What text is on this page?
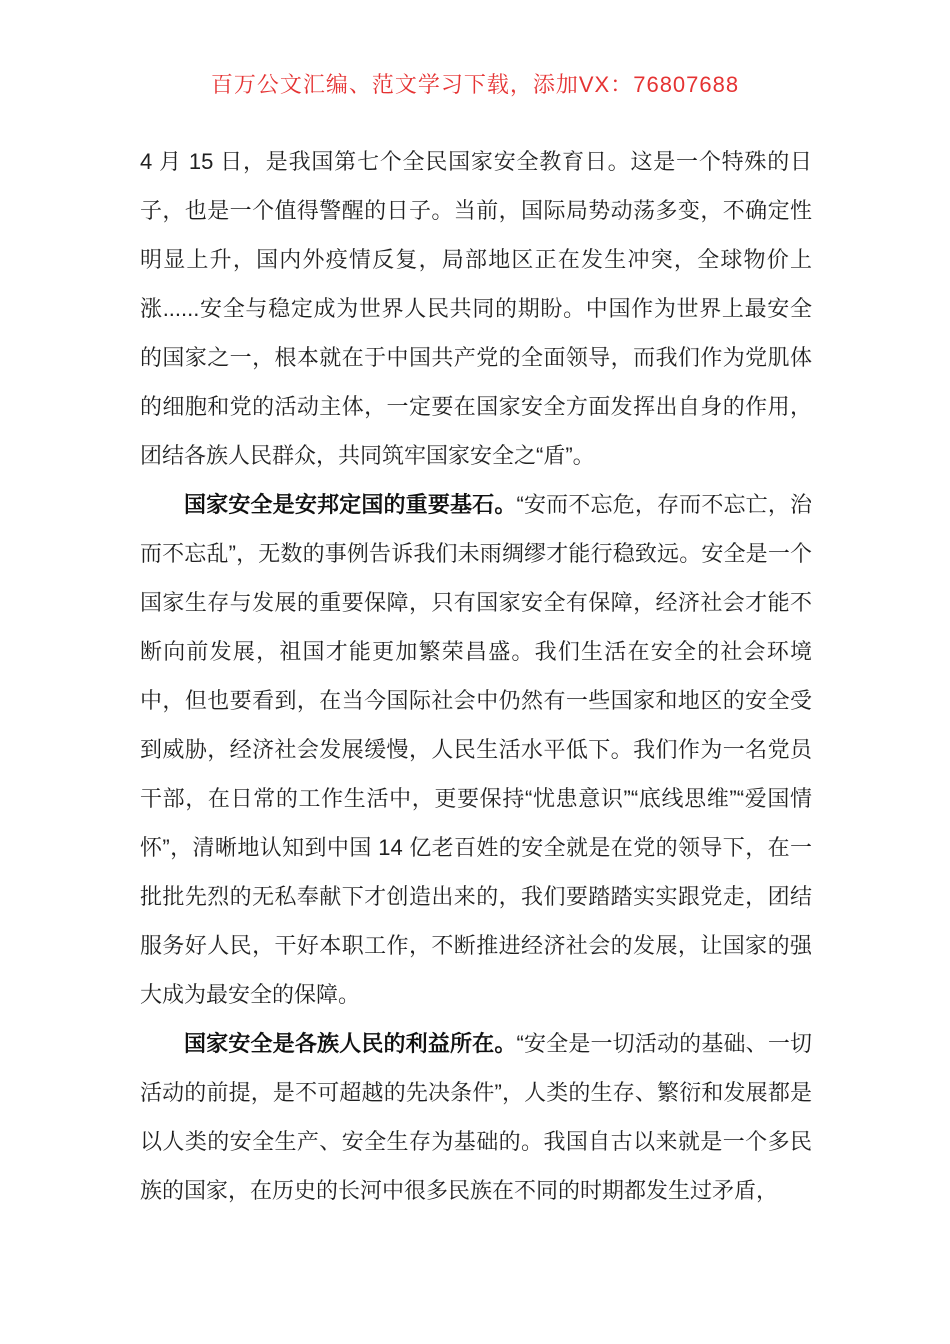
百万公文汇编、范文学习下载，添加VX：76807688

4 月 15 日，是我国第七个全民国家安全教育日。这是一个特殊的日子，也是一个值得警醒的日子。当前，国际局势动荡多变，不确定性明显上升，国内外疫情反复，局部地区正在发生冲突，全球物价上涨......安全与稳定成为世界人民共同的期盼。中国作为世界上最安全的国家之一，根本就在于中国共产党的全面领导，而我们作为党肌体的细胞和党的活动主体，一定要在国家安全方面发挥出自身的作用，团结各族人民群众，共同筑牢国家安全之“盾”。

国家安全是安邦定国的重要基石。“安而不忘危，存而不忘亡，治而不忘乱”，无数的事例告诉我们未雨绸缪才能行稳致远。安全是一个国家生存与发展的重要保障，只有国家安全有保障，经济社会才能不断向前发展，祖国才能更加繁荣昌盛。我们生活在安全的社会环境中，但也要看到，在当今国际社会中仍然有一些国家和地区的安全受到威胁，经济社会发展缓慢，人民生活水平低下。我们作为一名党员干部，在日常的工作生活中，更要保持“忧患意识”“底线思维”“爱国情怀”，清晰地认知到中国 14 亿老百姓的安全就是在党的领导下，在一批批先烈的无私奉献下才创造出来的，我们要踏踏实实跟党走，团结服务好人民，干好本职工作，不断推进经济社会的发展，让国家的强大成为最安全的保障。

国家安全是各族人民的利益所在。“安全是一切活动的基础、一切活动的前提，是不可超越的先决条件”，人类的生存、繁衍和发展都是以人类的安全生产、安全生存为基础的。我国自古以来就是一个多民族的国家，在历史的长河中很多民族在不同的时期都发生过矛盾，
